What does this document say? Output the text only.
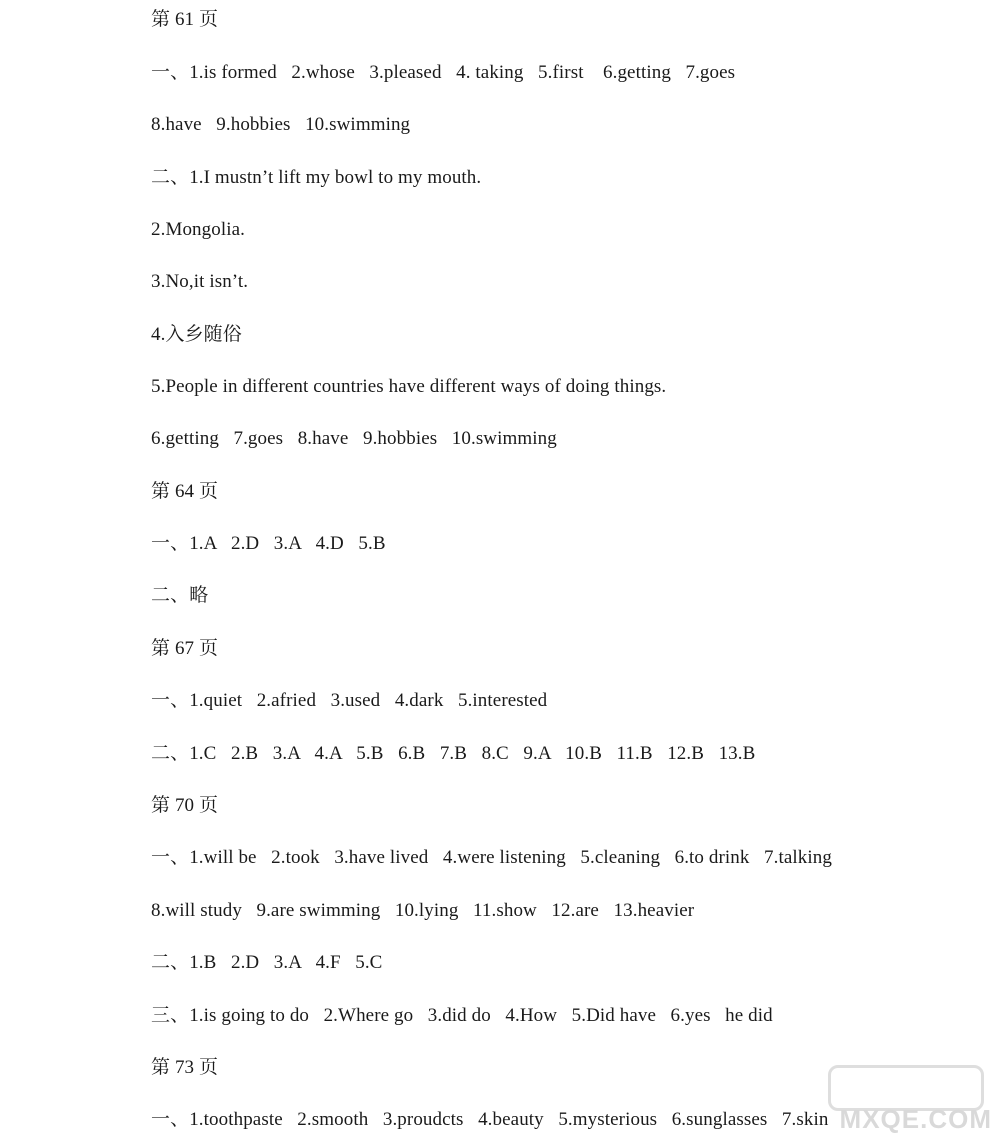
第 61 页
一、1.is formed   2.whose   3.pleased   4. taking   5.first    6.getting   7.goes
8.have   9.hobbies   10.swimming
二、1.I mustn’t lift my bowl to my mouth.
2.Mongolia.
3.No,it isn’t.
4.入乡随俗
5.People in different countries have different ways of doing things.
6.getting   7.goes   8.have   9.hobbies   10.swimming
第 64 页
一、1.A   2.D   3.A   4.D   5.B
二、略
第 67 页
一、1.quiet   2.afried   3.used   4.dark   5.interested
二、1.C   2.B   3.A   4.A   5.B   6.B   7.B   8.C   9.A   10.B   11.B   12.B   13.B
第 70 页
一、1.will be   2.took   3.have lived   4.were listening   5.cleaning   6.to drink   7.talking
8.will study   9.are swimming   10.lying   11.show   12.are   13.heavier
二、1.B   2.D   3.A   4.F   5.C
三、1.is going to do   2.Where go   3.did do   4.How   5.Did have   6.yes   he did
第 73 页
一、1.toothpaste   2.smooth   3.proudcts   4.beauty   5.mysterious   6.sunglasses   7.skin MXQE.COM
